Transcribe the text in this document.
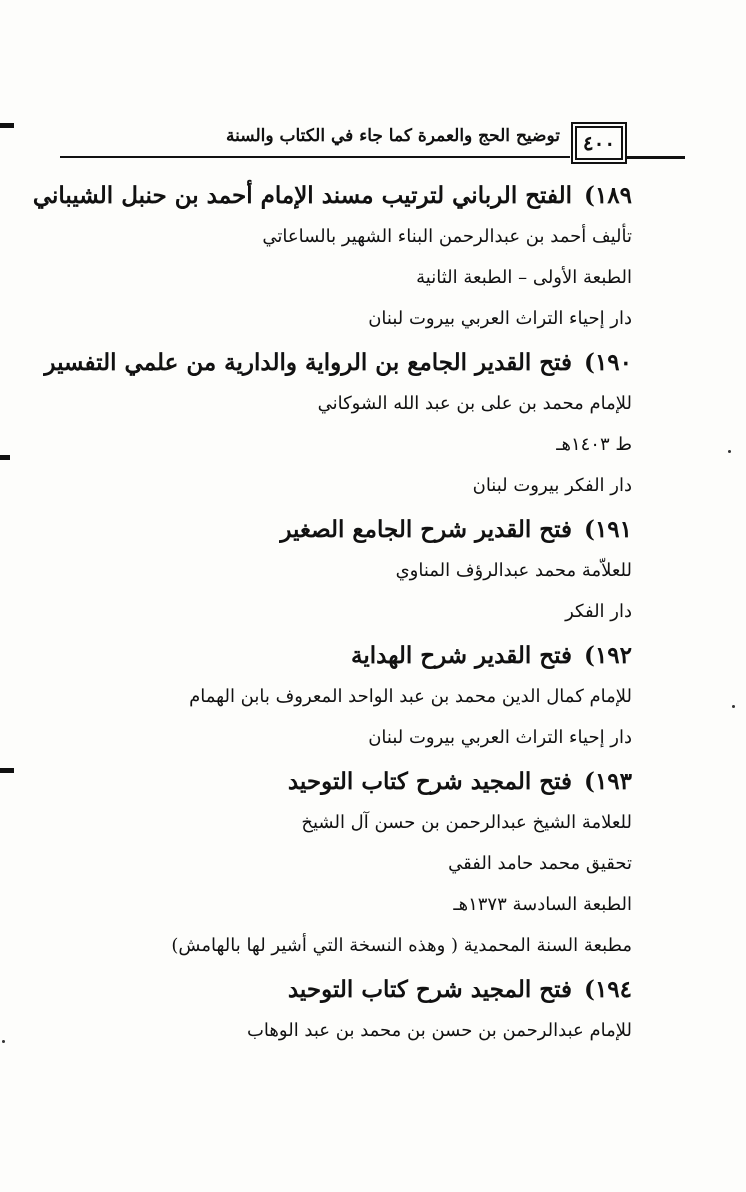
٤٠٠
توضيح الحج والعمرة كما جاء في الكتاب والسنة
١٨٩)الفتح الرباني لترتيب مسند الإمام أحمد بن حنبل الشيباني
تأليف أحمد بن عبدالرحمن البناء الشهير بالساعاتي
الطبعة الأولى – الطبعة الثانية
دار إحياء التراث العربي بيروت لبنان
١٩٠)فتح القدير الجامع بن الرواية والدارية من علمي التفسير
للإمام محمد بن على بن عبد الله الشوكاني
ط ١٤٠٣هـ
دار الفكر بيروت لبنان
١٩١)فتح القدير شرح الجامع الصغير
للعلاّمة محمد عبدالرؤف المناوي
دار الفكر
١٩٢)فتح القدير شرح الهداية
للإمام كمال الدين محمد بن عبد الواحد المعروف بابن الهمام
دار إحياء التراث العربي بيروت لبنان
١٩٣)فتح المجيد شرح كتاب التوحيد
للعلامة الشيخ عبدالرحمن بن حسن آل الشيخ
تحقيق محمد حامد الفقي
الطبعة السادسة ١٣٧٣هـ
مطبعة السنة المحمدية ( وهذه النسخة التي أشير لها بالهامش)
١٩٤)فتح المجيد شرح كتاب التوحيد
للإمام عبدالرحمن بن حسن بن محمد بن عبد الوهاب
